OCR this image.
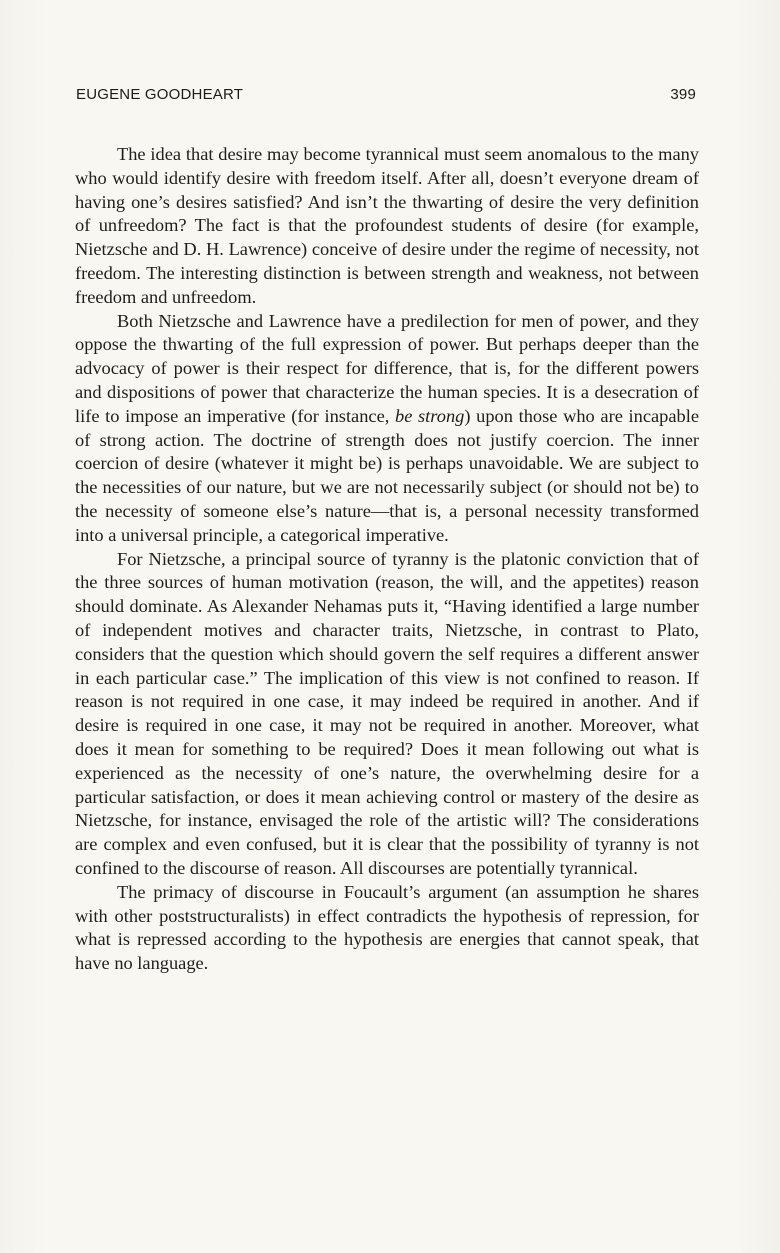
EUGENE GOODHEART	399

The idea that desire may become tyrannical must seem anomalous to the many who would identify desire with freedom itself. After all, doesn’t everyone dream of having one’s desires satisfied? And isn’t the thwarting of desire the very definition of unfreedom? The fact is that the profoundest students of desire (for example, Nietzsche and D. H. Lawrence) conceive of desire under the regime of necessity, not freedom. The interesting distinction is between strength and weakness, not between freedom and unfreedom.

Both Nietzsche and Lawrence have a predilection for men of power, and they oppose the thwarting of the full expression of power. But perhaps deeper than the advocacy of power is their respect for difference, that is, for the different powers and dispositions of power that characterize the human species. It is a desecration of life to impose an imperative (for instance, be strong) upon those who are incapable of strong action. The doctrine of strength does not justify coercion. The inner coercion of desire (whatever it might be) is perhaps unavoidable. We are subject to the necessities of our nature, but we are not necessarily subject (or should not be) to the necessity of someone else’s nature—that is, a personal necessity transformed into a universal principle, a categorical imperative.

For Nietzsche, a principal source of tyranny is the platonic conviction that of the three sources of human motivation (reason, the will, and the appetites) reason should dominate. As Alexander Nehamas puts it, “Having identified a large number of independent motives and character traits, Nietzsche, in contrast to Plato, considers that the question which should govern the self requires a different answer in each particular case.” The implication of this view is not confined to reason. If reason is not required in one case, it may indeed be required in another. And if desire is required in one case, it may not be required in another. Moreover, what does it mean for something to be required? Does it mean following out what is experienced as the necessity of one’s nature, the overwhelming desire for a particular satisfaction, or does it mean achieving control or mastery of the desire as Nietzsche, for instance, envisaged the role of the artistic will? The considerations are complex and even confused, but it is clear that the possibility of tyranny is not confined to the discourse of reason. All discourses are potentially tyrannical.

The primacy of discourse in Foucault’s argument (an assumption he shares with other poststructuralists) in effect contradicts the hypothesis of repression, for what is repressed according to the hypothesis are energies that cannot speak, that have no language.
